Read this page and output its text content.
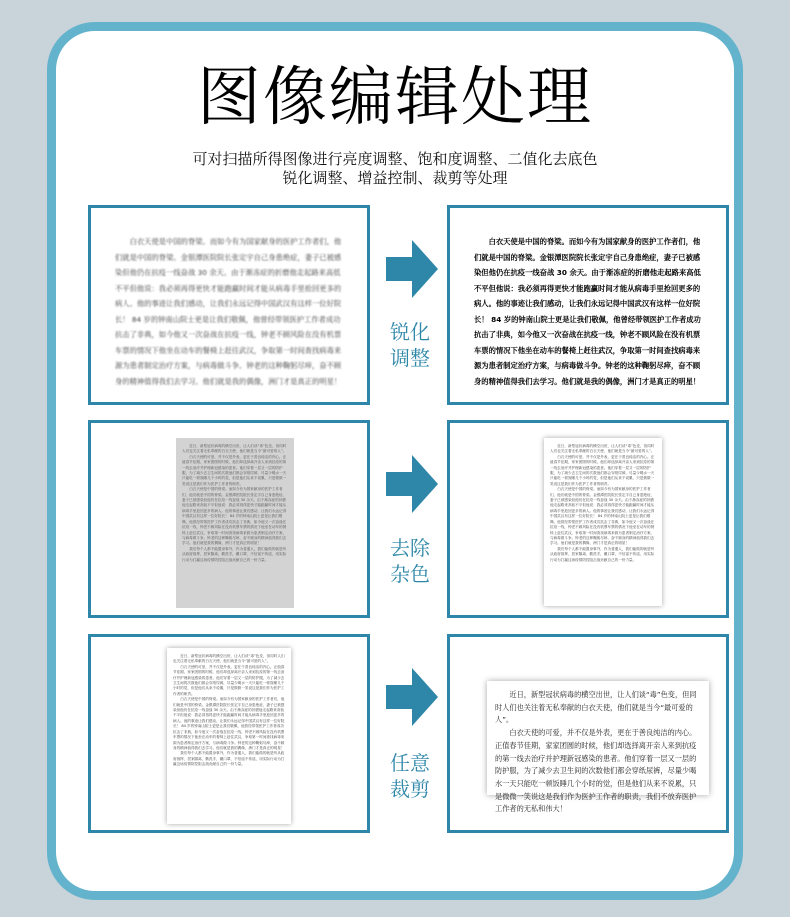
图像编辑处理
可对扫描所得图像进行亮度调整、饱和度调整、二值化去底色
锐化调整、增益控制、裁剪等处理
白衣天使是中国的脊梁。而如今有为国家献身的医护工作者们，他们就是中国的脊梁。金银潭医院院长张定宇自己身患绝症，妻子已被感染但他仍在抗疫一线奋战 30 余天。由于渐冻症的折磨他走起路来高低不平但他说：我必须再得更快才能跑赢时间才能从病毒手里抢回更多的病人。他的事迹让我们感动，让我们永远记得中国武汉有这样一位好院长！ 84 岁的钟南山院士更是让我们敬佩，他曾经带领医护工作者成功抗击了非典，如今他又一次奋战在抗疫一线，钟老不顾风险在没有机票车票的情况下他坐在动车的餐椅上赶往武汉，争取第一时间查找病毒来源为患者制定治疗方案，与病毒做斗争。钟老的这种鞠躬尽瘁，奋不顾身的精神值得我们去学习。他们就是我的偶像，洲门才是真正的明星！
锐化
调整
白衣天使是中国的脊梁。而如今有为国家献身的医护工作者们，他们就是中国的脊梁。金银潭医院院长张定宇自己身患绝症，妻子已被感染但他仍在抗疫一线奋战 30 余天。由于渐冻症的折磨他走起路来高低不平但他说：我必须再得更快才能跑赢时间才能从病毒手里抢回更多的病人。他的事迹让我们感动，让我们永远记得中国武汉有这样一位好院长！ 84 岁的钟南山院士更是让我们敬佩，他曾经带领医护工作者成功抗击了非典，如今他又一次奋战在抗疫一线，钟老不顾风险在没有机票车票的情况下他坐在动车的餐椅上赶往武汉，争取第一时间查找病毒来源为患者制定治疗方案，与病毒做斗争。钟老的这种鞠躬尽瘁，奋不顾身的精神值得我们去学习。他们就是我的偶像，洲门才是真正的明星！

近日，新型冠状病毒的横空出世，让人们谈“毒”色变，但同时人们也关注着无私奉献的白衣天使，他们就是当今“最可爱的人”。

白衣天使的可爱，并不仅是外表，更在于善良纯洁的内心。正值春节佳期，家家团圆的时候，他们却选择离开亲人来到抗疫的第一线去治疗并护理新冠感染的患者。他们穿着一层又一层的防护服，为了减少去卫生间的次数他们都会穿纸尿裤，尽量少喝水一天只能吃一顿饭睡几个小时的觉，但是他们从来不说累，只是微微一笑说这是我们作为医护工作者的职责。

白衣天使是中国的脊梁。而如今有为国家献身的医护工作者们，他们就是中国的脊梁。金银潭医院院长张定宇自己身患绝症，妻子已被感染但他仍在抗疫一线奋战 30 余天。由于渐冻症的折磨他走起路来高低不平但他说：我必须再得更快才能跑赢时间才能从病毒手里抢回更多的病人。他的事迹让我们感动，让我们永远记得中国武汉有这样一位好院长！ 84 岁的钟南山院士更是让我们敬佩，他曾经带领医护工作者成功抗击了非典，如今他又一次奋战在抗疫一线，钟老不顾风险在没有机票车票的情况下他坐在动车的餐椅上赶往武汉，争取第一时间查找病毒来源为患者制定治疗方案，与病毒做斗争。钟老的这种鞠躬尽瘁，奋不顾身的精神值得我们去学习。他们就是我的偶像，洲门才是真正的明星！

我们每个人都不能置身事外，作为普通人，我们能做的就是听从政府指挥，居家隔离，勤洗手，戴口罩，不信谣不传谣，用实际行动为打赢这场疫情防控阻击战贡献自己的一份力量。	去除
杂色

近日，新型冠状病毒的横空出世，让人们谈“毒”色变，但同时人们也关注着无私奉献的白衣天使，他们就是当今“最可爱的人”。

白衣天使的可爱，并不仅是外表，更在于善良纯洁的内心。正值春节佳期，家家团圆的时候，他们却选择离开亲人来到抗疫的第一线去治疗并护理新冠感染的患者。他们穿着一层又一层的防护服，为了减少去卫生间的次数他们都会穿纸尿裤，尽量少喝水一天只能吃一顿饭睡几个小时的觉，但是他们从来不说累，只是微微一笑说这是我们作为医护工作者的职责。

白衣天使是中国的脊梁。而如今有为国家献身的医护工作者们，他们就是中国的脊梁。金银潭医院院长张定宇自己身患绝症，妻子已被感染但他仍在抗疫一线奋战 30 余天。由于渐冻症的折磨他走起路来高低不平但他说：我必须再得更快才能跑赢时间才能从病毒手里抢回更多的病人。他的事迹让我们感动，让我们永远记得中国武汉有这样一位好院长！ 84 岁的钟南山院士更是让我们敬佩，他曾经带领医护工作者成功抗击了非典，如今他又一次奋战在抗疫一线，钟老不顾风险在没有机票车票的情况下他坐在动车的餐椅上赶往武汉，争取第一时间查找病毒来源为患者制定治疗方案，与病毒做斗争。钟老的这种鞠躬尽瘁，奋不顾身的精神值得我们去学习。他们就是我的偶像，洲门才是真正的明星！

我们每个人都不能置身事外，作为普通人，我们能做的就是听从政府指挥，居家隔离，勤洗手，戴口罩，不信谣不传谣，用实际行动为打赢这场疫情防控阻击战贡献自己的一份力量。

近日，新型冠状病毒的横空出世，让人们谈“毒”色变，但同时人们也关注着无私奉献的白衣天使，他们就是当今“最可爱的人”。

白衣天使的可爱，并不仅是外表，更在于善良纯洁的内心。正值春节佳期，家家团圆的时候，他们却选择离开亲人来到抗疫的第一线去治疗并护理新冠感染的患者。他们穿着一层又一层的防护服，为了减少去卫生间的次数他们都会穿纸尿裤，尽量少喝水一天只能吃一顿饭睡几个小时的觉，但是他们从来不说累，只是微微一笑说这是我们作为医护工作者的职责。

白衣天使是中国的脊梁。而如今有为国家献身的医护工作者们，他们就是中国的脊梁。金银潭医院院长张定宇自己身患绝症，妻子已被感染但他仍在抗疫一线奋战 30 余天。由于渐冻症的折磨他走起路来高低不平但他说：我必须再得更快才能跑赢时间才能从病毒手里抢回更多的病人。他的事迹让我们感动，让我们永远记得中国武汉有这样一位好院长！ 84 岁的钟南山院士更是让我们敬佩，他曾经带领医护工作者成功抗击了非典，如今他又一次奋战在抗疫一线，钟老不顾风险在没有机票车票的情况下他坐在动车的餐椅上赶往武汉，争取第一时间查找病毒来源为患者制定治疗方案，与病毒做斗争。钟老的这种鞠躬尽瘁，奋不顾身的精神值得我们去学习。他们就是我的偶像，洲门才是真正的明星！

我们每个人都不能置身事外，作为普通人，我们能做的就是听从政府指挥，居家隔离，勤洗手，戴口罩，不信谣不传谣，用实际行动为打赢这场疫情防控阻击战贡献自己的一份力量。	任意
裁剪

近日，新型冠状病毒的横空出世，让人们谈“毒”色变，但同时人们也关注着无私奉献的白衣天使，他们就是当今“最可爱的人”。

白衣天使的可爱，并不仅是外表，更在于善良纯洁的内心。正值春节佳期，家家团圆的时候，他们却选择离开亲人来到抗疫的第一线去治疗并护理新冠感染的患者。他们穿着一层又一层的防护服，为了减少去卫生间的次数他们都会穿纸尿裤，尽量少喝水一天只能吃一顿饭睡几个小时的觉，但是他们从来不说累，只是微微一笑说这是我们作为医护工作者的职责，我们不放弃医护工作者的无私和伟大！
